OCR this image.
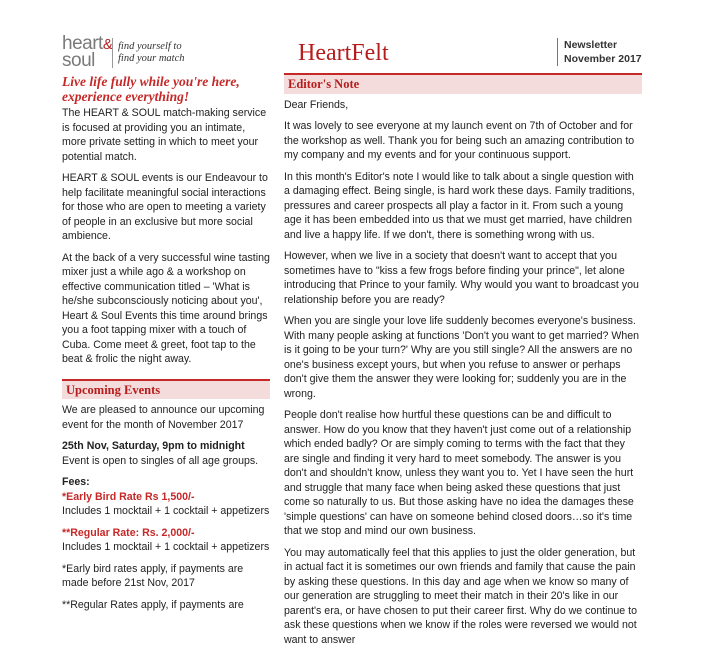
heart&
soul
find yourself to
find your match	HeartFelt	Newsletter
November 2017
Live life fully while you're here, experience everything!

The HEART & SOUL match-making service is focused at providing you an intimate, more private setting in which to meet your potential match.

HEART & SOUL events is our Endeavour to help facilitate meaningful social interactions for those who are open to meeting a variety of people in an exclusive but more social ambience.

At the back of a very successful wine tasting mixer just a while ago & a workshop on effective communication titled – 'What is he/she subconsciously noticing about you', Heart & Soul Events this time around brings you a foot tapping mixer with a touch of Cuba. Come meet & greet, foot tap to the beat & frolic the night away.

Upcoming Events

We are pleased to announce our upcoming event for the month of November 2017

25th Nov, Saturday, 9pm to midnight

Event is open to singles of all age groups.

Fees:

*Early Bird Rate Rs 1,500/-

Includes 1 mocktail + 1 cocktail + appetizers

**Regular Rate: Rs. 2,000/-

Includes 1 mocktail + 1 cocktail + appetizers

*Early bird rates apply, if payments are made before 21st Nov, 2017

**Regular Rates apply, if payments are

Editor's Note

Dear Friends,

It was lovely to see everyone at my launch event on 7th of October and for the workshop as well. Thank you for being such an amazing contribution to my company and my events and for your continuous support.

In this month's Editor's note I would like to talk about a single question with a damaging effect. Being single, is hard work these days. Family traditions, pressures and career prospects all play a factor in it. From such a young age it has been embedded into us that we must get married, have children and live a happy life. If we don't, there is something wrong with us.

However, when we live in a society that doesn't want to accept that you sometimes have to "kiss a few frogs before finding your prince", let alone introducing that Prince to your family. Why would you want to broadcast you relationship before you are ready?

When you are single your love life suddenly becomes everyone's business. With many people asking at functions 'Don't you want to get married? When is it going to be your turn?' Why are you still single? All the answers are no one's business except yours, but when you refuse to answer or perhaps don't give them the answer they were looking for; suddenly you are in the wrong.

People don't realise how hurtful these questions can be and difficult to answer. How do you know that they haven't just come out of a relationship which ended badly? Or are simply coming to terms with the fact that they are single and finding it very hard to meet somebody. The answer is you don't and shouldn't know, unless they want you to. Yet I have seen the hurt and struggle that many face when being asked these questions that just come so naturally to us. But those asking have no idea the damages these 'simple questions' can have on someone behind closed doors…so it's time that we stop and mind our own business.

You may automatically feel that this applies to just the older generation, but in actual fact it is sometimes our own friends and family that cause the pain by asking these questions. In this day and age when we know so many of our generation are struggling to meet their match in their 20's like in our parent's era, or have chosen to put their career first. Why do we continue to ask these questions when we know if the roles were reversed we would not want to answer
